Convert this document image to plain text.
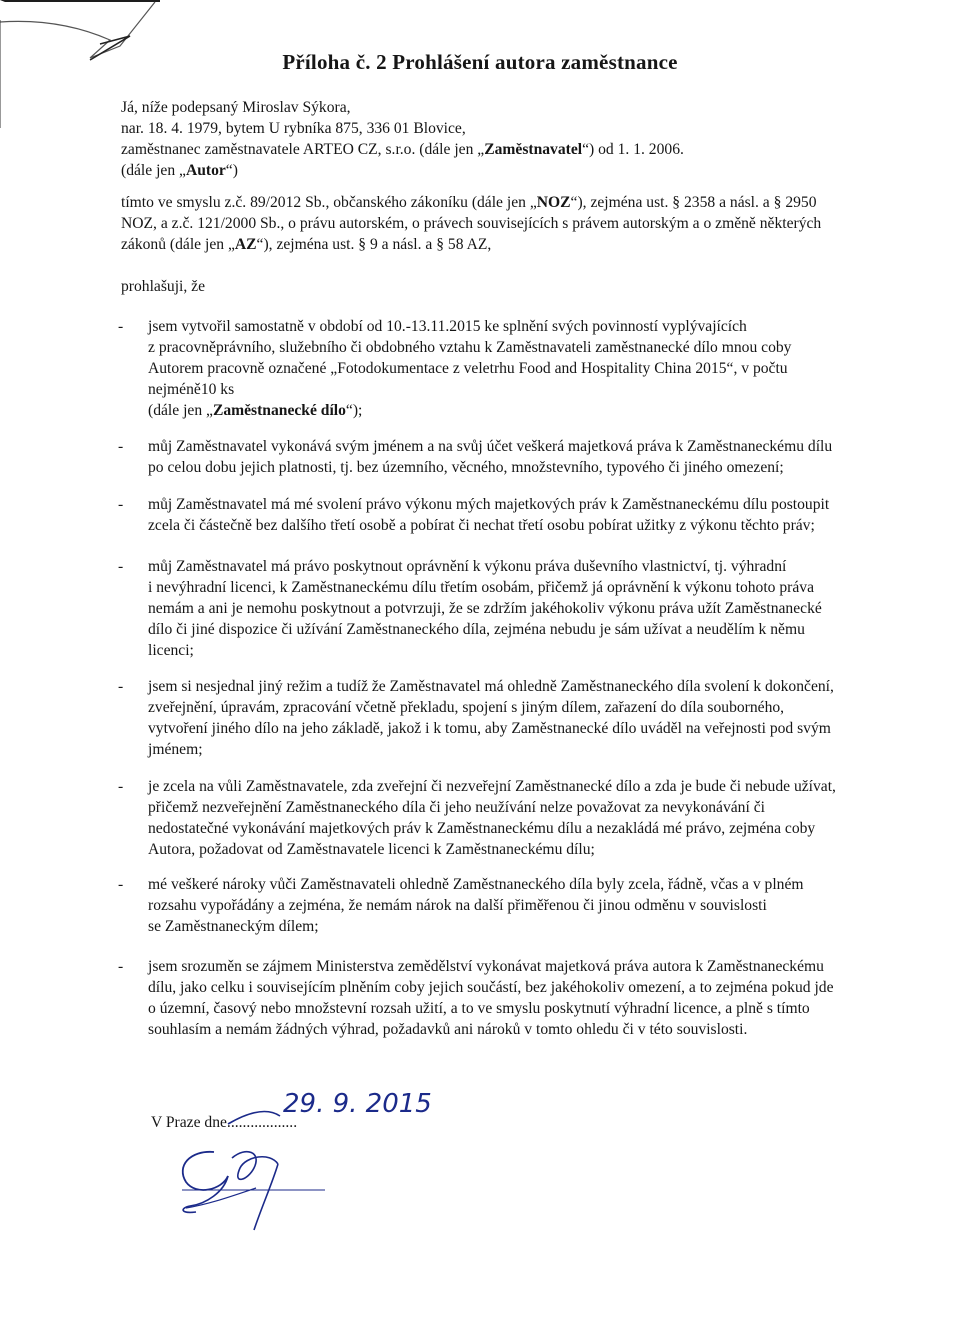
Příloha č. 2 Prohlášení autora zaměstnance
Já, níže podepsaný Miroslav Sýkora,
nar. 18. 4. 1979, bytem U rybníka 875, 336 01 Blovice,
zaměstnanec zaměstnavatele ARTEO CZ, s.r.o. (dále jen „Zaměstnavatel“) od 1. 1. 2006.
(dále jen „Autor“)
tímto ve smyslu z.č. 89/2012 Sb., občanského zákoníku (dále jen „NOZ“), zejména ust. § 2358 a násl. a § 2950
NOZ, a z.č. 121/2000 Sb., o právu autorském, o právech souvisejících s právem autorským a o změně některých
zákonů (dále jen „AZ“), zejména ust. § 9 a násl. a § 58 AZ,
prohlašuji, že
- jsem vytvořil samostatně v období od 10.-13.11.2015 ke splnění svých povinností vyplývajících
z pracovněprávního, služebního či obdobného vztahu k Zaměstnavateli zaměstnanecké dílo mnou coby
Autorem pracovně označené „Fotodokumentace z veletrhu Food and Hospitality China 2015“, v počtu
nejméně10 ks
(dále jen „Zaměstnanecké dílo“);
- můj Zaměstnavatel vykonává svým jménem a na svůj účet veškerá majetková práva k Zaměstnaneckému dílu
po celou dobu jejich platnosti, tj. bez územního, věcného, množstevního, typového či jiného omezení;
- můj Zaměstnavatel má mé svolení právo výkonu mých majetkových práv k Zaměstnaneckému dílu postoupit
zcela či částečně bez dalšího třetí osobě a pobírat či nechat třetí osobu pobírat užitky z výkonu těchto práv;
- můj Zaměstnavatel má právo poskytnout oprávnění k výkonu práva duševního vlastnictví, tj. výhradní
i nevýhradní licenci, k Zaměstnaneckému dílu třetím osobám, přičemž já oprávnění k výkonu tohoto práva
nemám a ani je nemohu poskytnout a potvrzuji, že se zdržím jakéhokoliv výkonu práva užít Zaměstnanecké
dílo či jiné dispozice či užívání Zaměstnaneckého díla, zejména nebudu je sám užívat a neudělím k němu
licenci;
- jsem si nesjednal jiný režim a tudíž že Zaměstnavatel má ohledně Zaměstnaneckého díla svolení k dokončení,
zveřejnění, úpravám, zpracování včetně překladu, spojení s jiným dílem, zařazení do díla souborného,
vytvoření jiného dílo na jeho základě, jakož i k tomu, aby Zaměstnanecké dílo uváděl na veřejnosti pod svým
jménem;
- je zcela na vůli Zaměstnavatele, zda zveřejní či nezveřejní Zaměstnanecké dílo a zda je bude či nebude užívat,
přičemž nezveřejnění Zaměstnaneckého díla či jeho neužívání nelze považovat za nevykonávání či
nedostatečné vykonávání majetkových práv k Zaměstnaneckému dílu a nezakládá mé právo, zejména coby
Autora, požadovat od Zaměstnavatele licenci k Zaměstnaneckému dílu;
- mé veškeré nároky vůči Zaměstnavateli ohledně Zaměstnaneckého díla byly zcela, řádně, včas a v plném
rozsahu vypořádány a zejména, že nemám nárok na další přiměřenou či jinou odměnu v souvislosti
se Zaměstnaneckým dílem;
- jsem srozuměn se zájmem Ministerstva zemědělství vykonávat majetková práva autora k Zaměstnaneckému
dílu, jako celku i souvisejícím plněním coby jejich součástí, bez jakéhokoliv omezení, a to zejména pokud jde
o územní, časový nebo množstevní rozsah užití, a to ve smyslu poskytnutí výhradní licence, a plně s tímto
souhlasím a nemám žádných výhrad, požadavků ani nároků v tomto ohledu či v této souvislosti.
V Praze dne..................
29. 9. 2015
